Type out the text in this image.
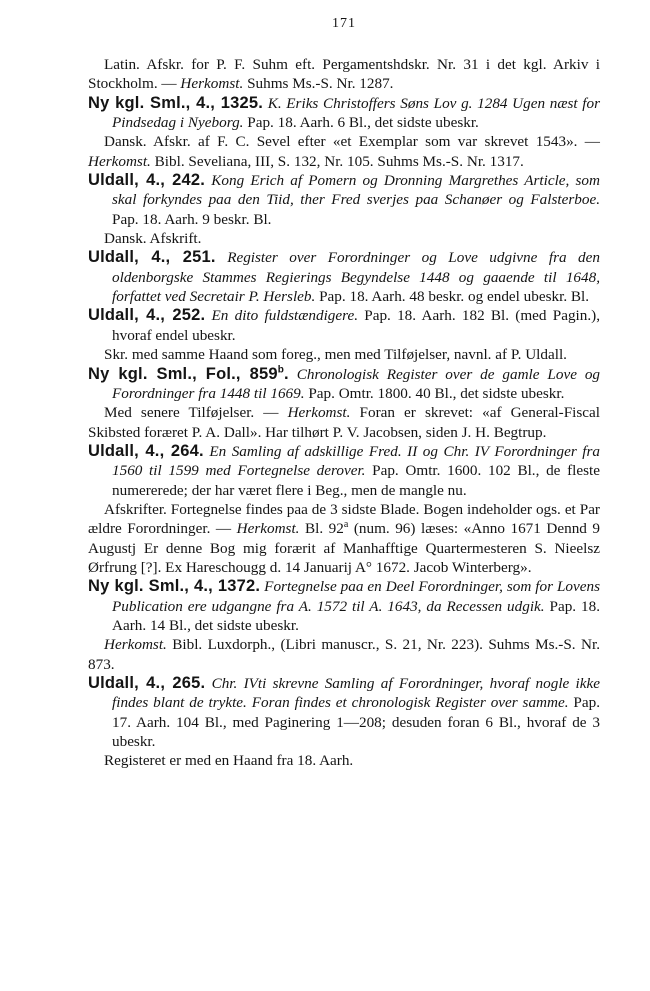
171

Latin. Afskr. for P. F. Suhm eft. Pergamentshdskr. Nr. 31 i det kgl. Arkiv i Stockholm. — Herkomst. Suhms Ms.-S. Nr. 1287.

Ny kgl. Sml., 4., 1325. K. Eriks Christoffers Søns Lov g. 1284 Ugen næst for Pindsedag i Nyeborg. Pap. 18. Aarh. 6 Bl., det sidste ubeskr.

Dansk. Afskr. af F. C. Sevel efter «et Exemplar som var skrevet 1543». — Herkomst. Bibl. Seveliana, III, S. 132, Nr. 105. Suhms Ms.-S. Nr. 1317.

Uldall, 4., 242. Kong Erich af Pomern og Dronning Margrethes Article, som skal forkyndes paa den Tiid, ther Fred sverjes paa Schanøer og Falsterboe. Pap. 18. Aarh. 9 beskr. Bl.

Dansk. Afskrift.

Uldall, 4., 251. Register over Forordninger og Love udgivne fra den oldenborgske Stammes Regierings Begyndelse 1448 og gaaende til 1648, forfattet ved Secretair P. Hersleb. Pap. 18. Aarh. 48 beskr. og endel ubeskr. Bl.

Uldall, 4., 252. En dito fuldstændigere. Pap. 18. Aarh. 182 Bl. (med Pagin.), hvoraf endel ubeskr.

Skr. med samme Haand som foreg., men med Tilføjelser, navnl. af P. Uldall.

Ny kgl. Sml., Fol., 859$^b$. Chronologisk Register over de gamle Love og Forordninger fra 1448 til 1669. Pap. Omtr. 1800. 40 Bl., det sidste ubeskr.

Med senere Tilføjelser. — Herkomst. Foran er skrevet: «af General-Fiscal Skibsted foræret P. A. Dall». Har tilhørt P. V. Jacobsen, siden J. H. Begtrup.

Uldall, 4., 264. En Samling af adskillige Fred. II og Chr. IV Forordninger fra 1560 til 1599 med Fortegnelse derover. Pap. Omtr. 1600. 102 Bl., de fleste numererede; der har været flere i Beg., men de mangle nu.

Afskrifter. Fortegnelse findes paa de 3 sidste Blade. Bogen indeholder ogs. et Par ældre Forordninger. — Herkomst. Bl. 92$^a$ (num. 96) læses: «Anno 1671 Dennd 9 Augustj Er denne Bog mig forærit af Manhafftige Quartermesteren S. Nieelsz Ørfrung [?]. Ex Hareschougg d. 14 Januarij A° 1672. Jacob Winterberg».

Ny kgl. Sml., 4., 1372. Fortegnelse paa en Deel Forordninger, som for Lovens Publication ere udgangne fra A. 1572 til A. 1643, da Recessen udgik. Pap. 18. Aarh. 14 Bl., det sidste ubeskr.

Herkomst. Bibl. Luxdorph., (Libri manuscr., S. 21, Nr. 223). Suhms Ms.-S. Nr. 873.

Uldall, 4., 265. Chr. IVti skrevne Samling af Forordninger, hvoraf nogle ikke findes blant de trykte. Foran findes et chronologisk Register over samme. Pap. 17. Aarh. 104 Bl., med Paginering 1—208; desuden foran 6 Bl., hvoraf de 3 ubeskr.

Registeret er med en Haand fra 18. Aarh.
